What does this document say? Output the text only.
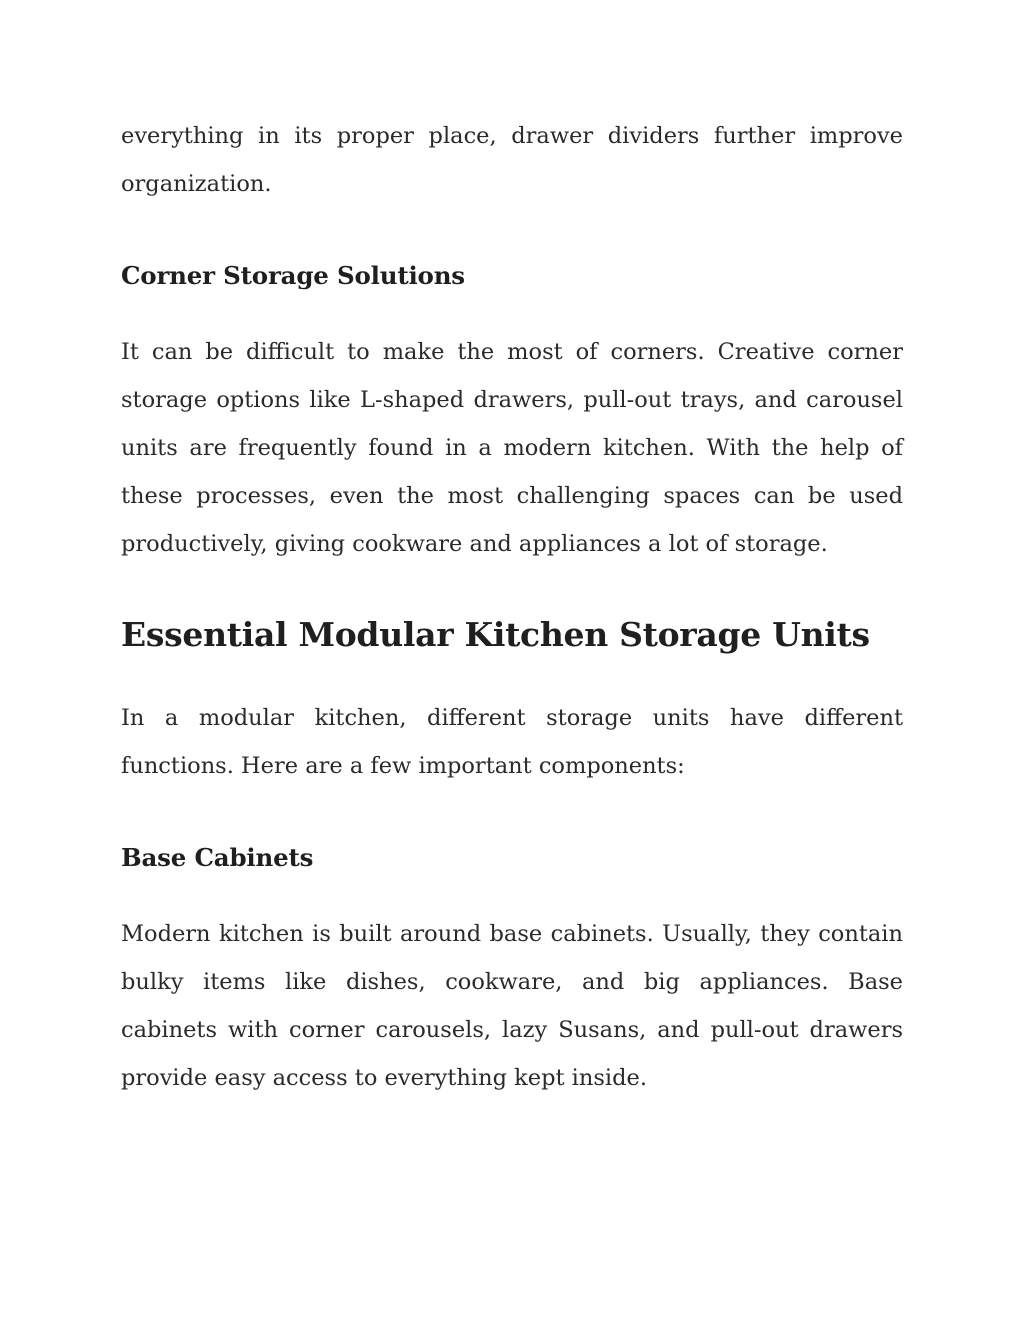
everything in its proper place, drawer dividers further improve organization.

Corner Storage Solutions

It can be difficult to make the most of corners. Creative corner storage options like L-shaped drawers, pull-out trays, and carousel units are frequently found in a modern kitchen. With the help of these processes, even the most challenging spaces can be used productively, giving cookware and appliances a lot of storage.

Essential Modular Kitchen Storage Units

In a modular kitchen, different storage units have different functions. Here are a few important components:

Base Cabinets

Modern kitchen is built around base cabinets. Usually, they contain bulky items like dishes, cookware, and big appliances. Base cabinets with corner carousels, lazy Susans, and pull-out drawers provide easy access to everything kept inside.
